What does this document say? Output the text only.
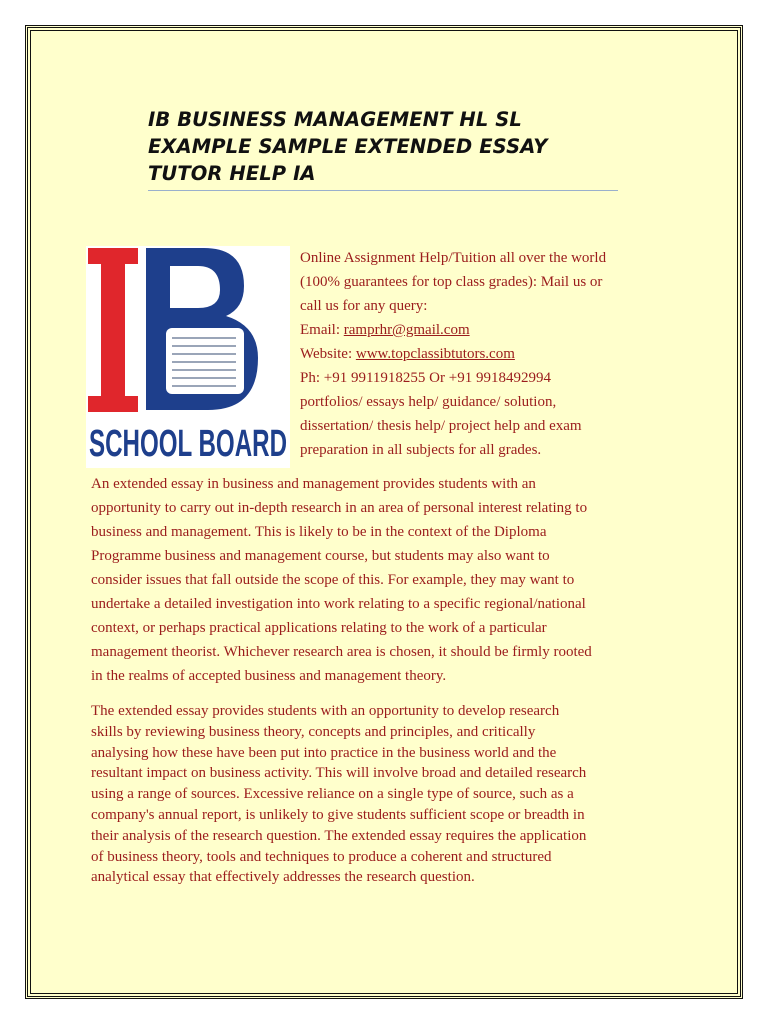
IB BUSINESS MANAGEMENT HL SL
EXAMPLE SAMPLE EXTENDED ESSAY
TUTOR HELP IA
SCHOOL BOARD
Online Assignment Help/Tuition all over the world
(100% guarantees for top class grades): Mail us or
call us for any query:
Email: ramprhr@gmail.com
Website: www.topclassibtutors.com
Ph: +91 9911918255 Or +91 9918492994
portfolios/ essays help/ guidance/ solution,
dissertation/ thesis help/ project help and exam
preparation in all subjects for all grades.
An extended essay in business and management provides students with an
opportunity to carry out in-depth research in an area of personal interest relating to
business and management. This is likely to be in the context of the Diploma
Programme business and management course, but students may also want to
consider issues that fall outside the scope of this. For example, they may want to
undertake a detailed investigation into work relating to a specific regional/national
context, or perhaps practical applications relating to the work of a particular
management theorist. Whichever research area is chosen, it should be firmly rooted
in the realms of accepted business and management theory.
The extended essay provides students with an opportunity to develop research
skills by reviewing business theory, concepts and principles, and critically
analysing how these have been put into practice in the business world and the
resultant impact on business activity. This will involve broad and detailed research
using a range of sources. Excessive reliance on a single type of source, such as a
company's annual report, is unlikely to give students sufficient scope or breadth in
their analysis of the research question. The extended essay requires the application
of business theory, tools and techniques to produce a coherent and structured
analytical essay that effectively addresses the research question.
